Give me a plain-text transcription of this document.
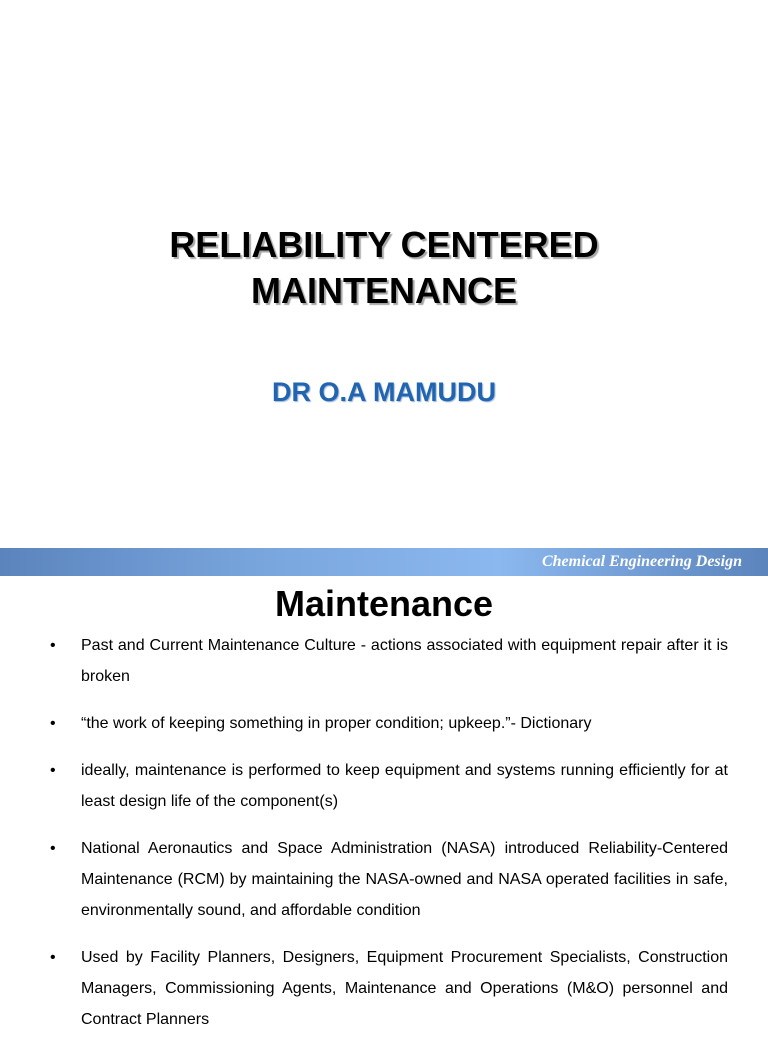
RELIABILITY CENTERED
MAINTENANCE
DR O.A MAMUDU
Chemical Engineering Design
Maintenance
• Past and Current Maintenance Culture - actions associated with equipment repair after it is broken
• “the work of keeping something in proper condition; upkeep.”- Dictionary
• ideally, maintenance is performed to keep equipment and systems running efficiently for at least design life of the component(s)
• National Aeronautics and Space Administration (NASA) introduced Reliability-Centered Maintenance (RCM) by maintaining the NASA-owned and NASA operated facilities in safe, environmentally sound, and affordable condition
• Used by Facility Planners, Designers, Equipment Procurement Specialists, Construction Managers, Commissioning Agents, Maintenance and Operations (M&O) personnel and Contract Planners
